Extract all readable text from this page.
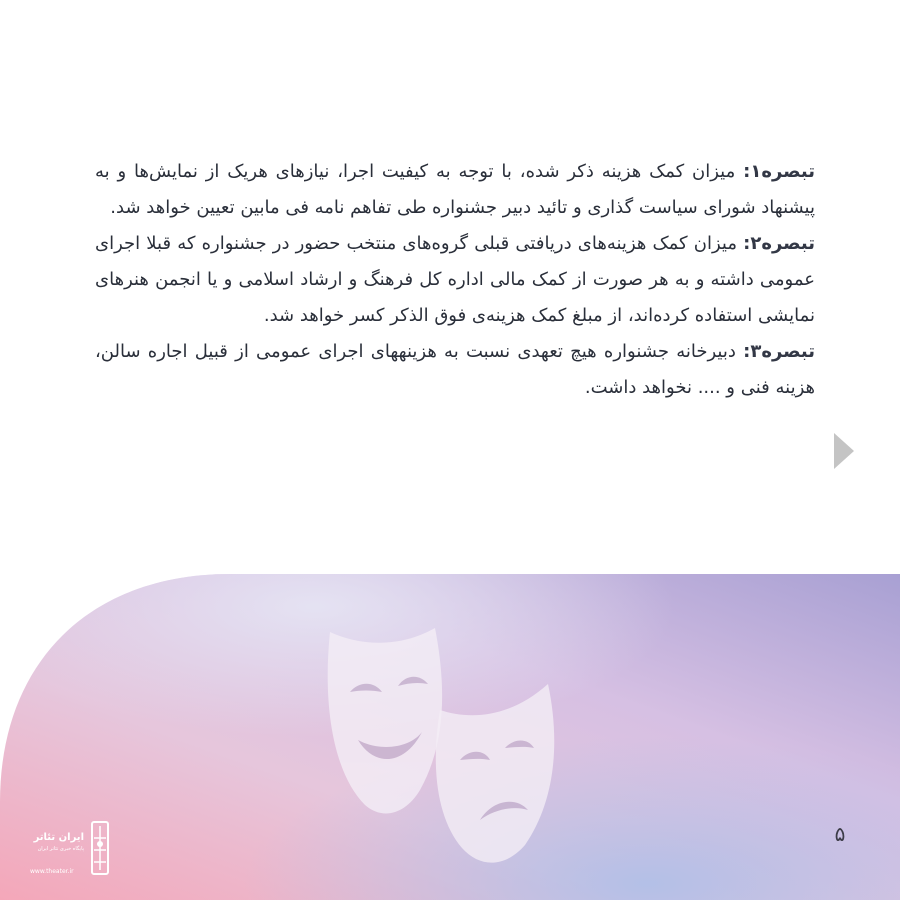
تبصره۱: میزان کمک هزینه ذکر شده، با توجه به کیفیت اجرا، نیازهای هریک از نمایش‌ها و به پیشنهاد شورای سیاست گذاری و تائید دبیر جشنواره طی تفاهم نامه فی مابین تعیین خواهد شد.

تبصره۲: میزان کمک هزینه‌های دریافتی قبلی گروه‌های منتخب حضور در جشنواره که قبلا اجرای عمومی داشته و به هر صورت از کمک مالی اداره کل فرهنگ و ارشاد اسلامی و یا انجمن هنرهای نمایشی استفاده کرده‌اند، از مبلغ کمک هزینه‌ی فوق الذکر کسر خواهد شد.

تبصره۳: دبیرخانه جشنواره هیچ تعهدی نسبت به هزینههای اجرای عمومی از قبیل اجاره سالن، هزینه فنی و .... نخواهد داشت.

۵
ایران تئاتر
پایگاه خبری تئاتر ایران
www.theater.ir
